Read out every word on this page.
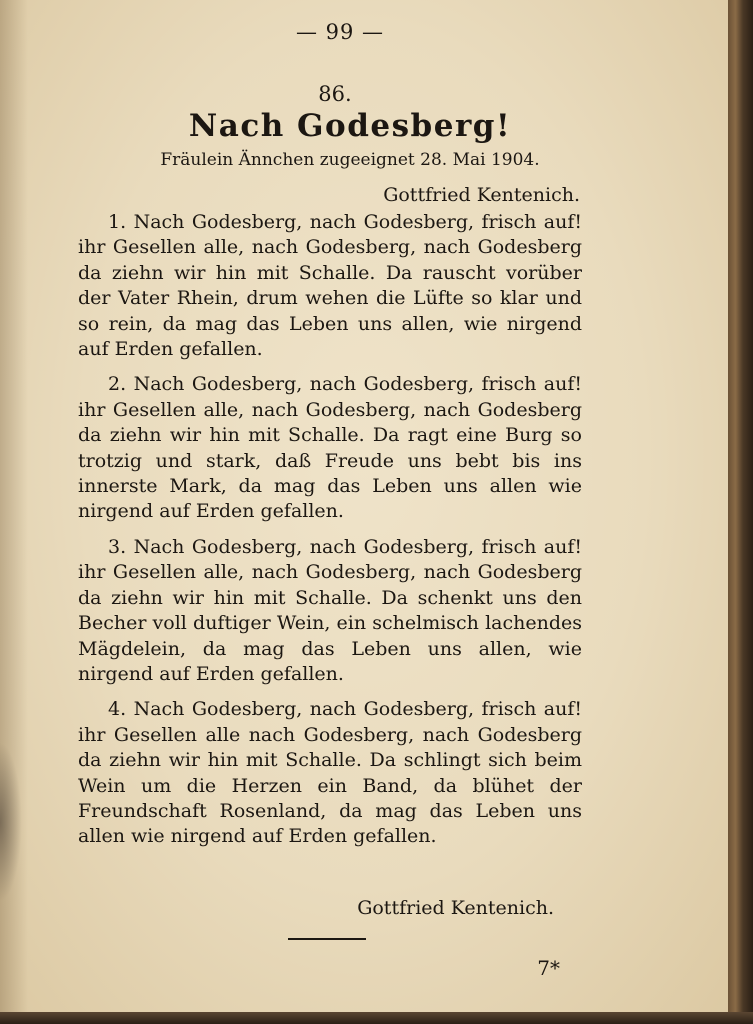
— 99 —
86.
Nach Godesberg!
Fräulein Ännchen zugeeignet 28. Mai 1904.
Gottfried Kentenich.

1. Nach Godesberg, nach Godesberg, frisch auf! ihr Gesellen alle, nach Godesberg, nach Godesberg da ziehn wir hin mit Schalle. Da rauscht vorüber der Vater Rhein, drum wehen die Lüfte so klar und so rein, da mag das Leben uns allen, wie nirgend auf Erden gefallen.

2. Nach Godesberg, nach Godesberg, frisch auf! ihr Gesellen alle, nach Godesberg, nach Godesberg da ziehn wir hin mit Schalle. Da ragt eine Burg so trotzig und stark, daß Freude uns bebt bis ins innerste Mark, da mag das Leben uns allen wie nirgend auf Erden gefallen.

3. Nach Godesberg, nach Godesberg, frisch auf! ihr Gesellen alle, nach Godesberg, nach Godesberg da ziehn wir hin mit Schalle. Da schenkt uns den Becher voll duftiger Wein, ein schelmisch lachendes Mägdelein, da mag das Leben uns allen, wie nirgend auf Erden gefallen.

4. Nach Godesberg, nach Godesberg, frisch auf! ihr Gesellen alle nach Godesberg, nach Godesberg da ziehn wir hin mit Schalle. Da schlingt sich beim Wein um die Herzen ein Band, da blühet der Freundschaft Rosenland, da mag das Leben uns allen wie nirgend auf Erden gefallen.

Gottfried Kentenich.
7*
